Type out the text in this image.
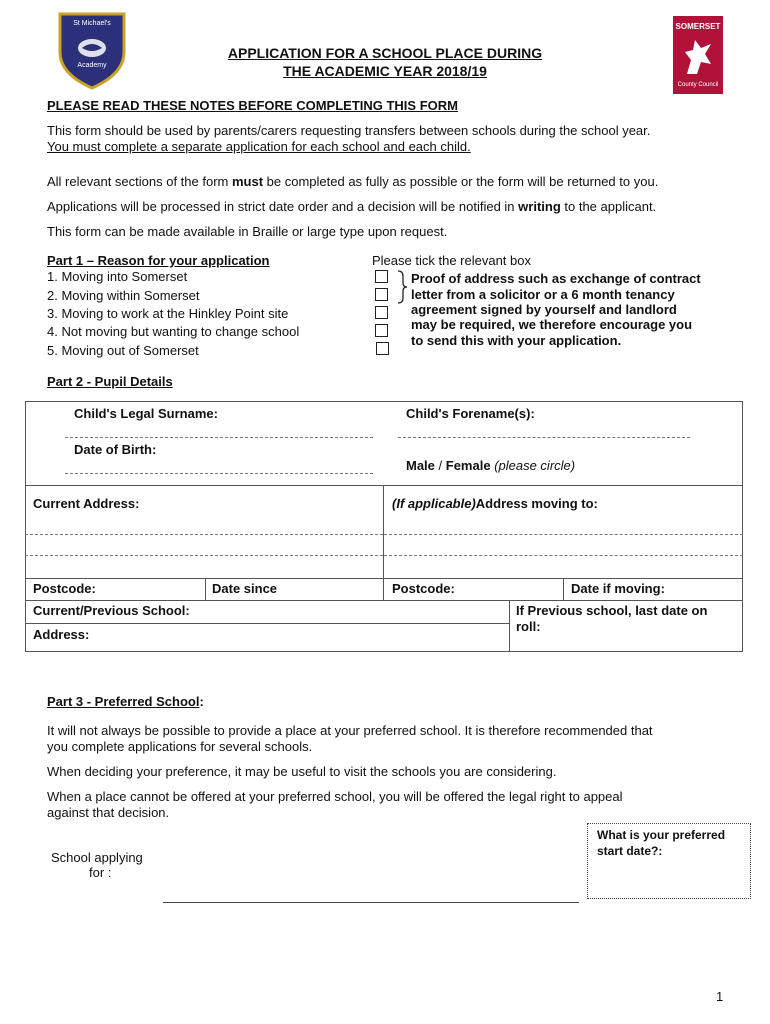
St Michael's
Academy
SOMERSET
County Council
APPLICATION FOR A SCHOOL PLACE DURING
THE ACADEMIC YEAR 2018/19
PLEASE READ THESE NOTES BEFORE COMPLETING THIS FORM
This form should be used by parents/carers requesting transfers between schools during the school year.
You must complete a separate application for each school and each child.
All relevant sections of the form must be completed as fully as possible or the form will be returned to you.
Applications will be processed in strict date order and a decision will be notified in writing to the applicant.
This form can be made available in Braille or large type upon request.
Part 1 – Reason for your application
1. Moving into Somerset
2. Moving within Somerset
3. Moving to work at the Hinkley Point site
4. Not moving but wanting to change school
5. Moving out of Somerset
Please tick the relevant box
Proof of address such as exchange of contract
letter from a solicitor or a 6 month tenancy
agreement signed by yourself and landlord
may be required, we therefore encourage you
to send this with your application.
Part 2 - Pupil Details
Child's Legal Surname:	Child's Forename(s):
Date of Birth:
Male / Female (please circle)
Current Address:	(If applicable)Address moving to:
Postcode:	Date since	Postcode:	Date if moving:
Current/Previous School:	If Previous school, last date on
roll:
Address:
Part 3 - Preferred School:
It will not always be possible to provide a place at your preferred school. It is therefore recommended that
you complete applications for several schools.
When deciding your preference, it may be useful to visit the schools you are considering.
When a place cannot be offered at your preferred school, you will be offered the legal right to appeal
against that decision.
What is your preferred
start date?:
School applying
for :
1
